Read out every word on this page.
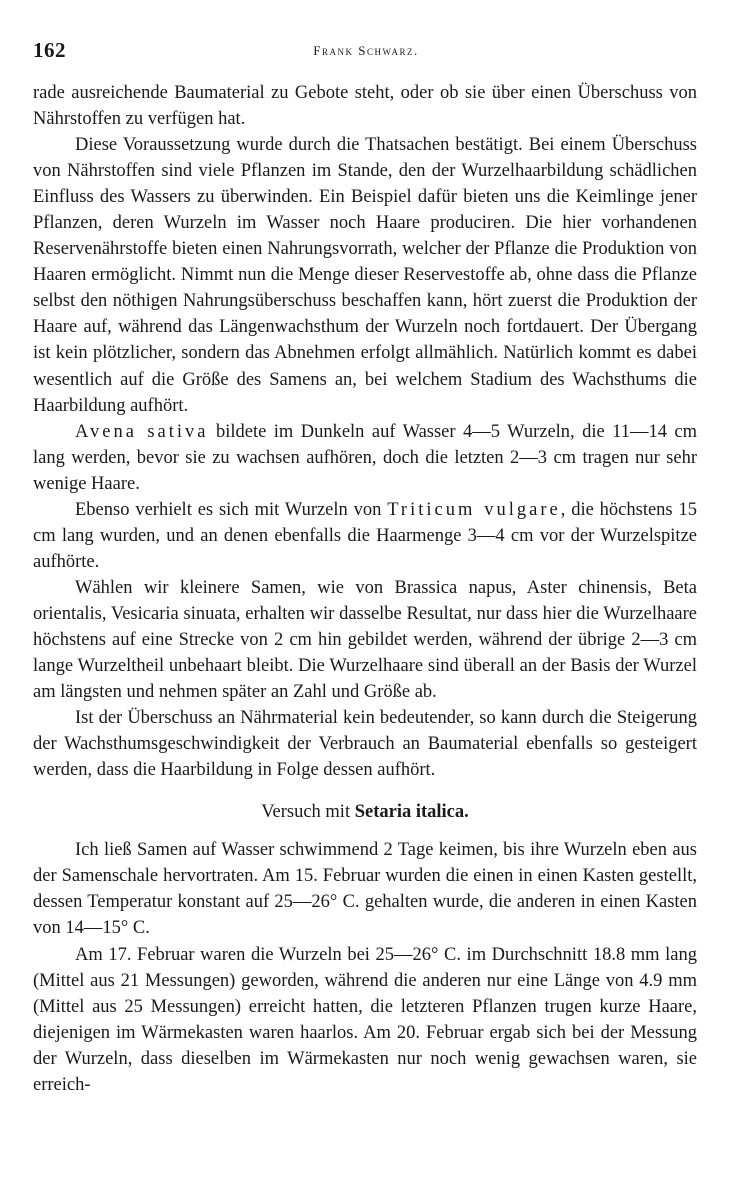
162	Frank Schwarz.

rade ausreichende Baumaterial zu Gebote steht, oder ob sie über einen Überschuss von Nährstoffen zu verfügen hat.

Diese Voraussetzung wurde durch die Thatsachen bestätigt. Bei einem Überschuss von Nährstoffen sind viele Pflanzen im Stande, den der Wurzelhaarbildung schädlichen Einfluss des Wassers zu überwinden. Ein Beispiel dafür bieten uns die Keimlinge jener Pflanzen, deren Wurzeln im Wasser noch Haare produciren. Die hier vorhandenen Reservenährstoffe bieten einen Nahrungsvorrath, welcher der Pflanze die Produktion von Haaren ermöglicht. Nimmt nun die Menge dieser Reservestoffe ab, ohne dass die Pflanze selbst den nöthigen Nahrungsüberschuss beschaffen kann, hört zuerst die Produktion der Haare auf, während das Längenwachsthum der Wurzeln noch fortdauert. Der Übergang ist kein plötzlicher, sondern das Abnehmen erfolgt allmählich. Natürlich kommt es dabei wesentlich auf die Größe des Samens an, bei welchem Stadium des Wachsthums die Haarbildung aufhört.

Avena sativa bildete im Dunkeln auf Wasser 4—5 Wurzeln, die 11—14 cm lang werden, bevor sie zu wachsen aufhören, doch die letzten 2—3 cm tragen nur sehr wenige Haare.

Ebenso verhielt es sich mit Wurzeln von Triticum vulgare, die höchstens 15 cm lang wurden, und an denen ebenfalls die Haarmenge 3—4 cm vor der Wurzelspitze aufhörte.

Wählen wir kleinere Samen, wie von Brassica napus, Aster chinensis, Beta orientalis, Vesicaria sinuata, erhalten wir dasselbe Resultat, nur dass hier die Wurzelhaare höchstens auf eine Strecke von 2 cm hin gebildet werden, während der übrige 2—3 cm lange Wurzeltheil unbehaart bleibt. Die Wurzelhaare sind überall an der Basis der Wurzel am längsten und nehmen später an Zahl und Größe ab.

Ist der Überschuss an Nährmaterial kein bedeutender, so kann durch die Steigerung der Wachsthumsgeschwindigkeit der Verbrauch an Baumaterial ebenfalls so gesteigert werden, dass die Haarbildung in Folge dessen aufhört.

Versuch mit Setaria italica.

Ich ließ Samen auf Wasser schwimmend 2 Tage keimen, bis ihre Wurzeln eben aus der Samenschale hervortraten. Am 15. Februar wurden die einen in einen Kasten gestellt, dessen Temperatur konstant auf 25—26° C. gehalten wurde, die anderen in einen Kasten von 14—15° C.

Am 17. Februar waren die Wurzeln bei 25—26° C. im Durchschnitt 18.8 mm lang (Mittel aus 21 Messungen) geworden, während die anderen nur eine Länge von 4.9 mm (Mittel aus 25 Messungen) erreicht hatten, die letzteren Pflanzen trugen kurze Haare, diejenigen im Wärmekasten waren haarlos. Am 20. Februar ergab sich bei der Messung der Wurzeln, dass dieselben im Wärmekasten nur noch wenig gewachsen waren, sie erreich-
